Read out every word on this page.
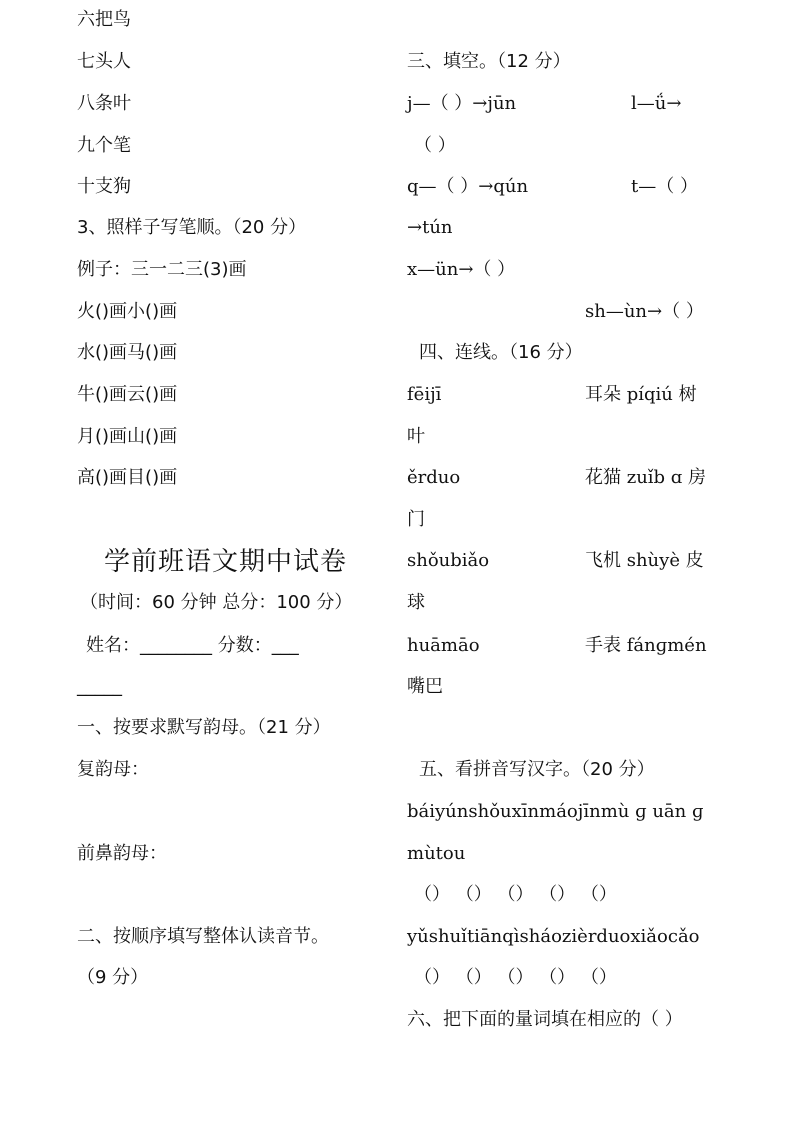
六把鸟
七头人
八条叶
九个笔
十支狗
3、照样子写笔顺。（20 分）
例子：三一二三(3)画
火()画小()画
水()画马()画
牛()画云()画
月()画山()画
高()画目()画
学前班语文期中试卷
（时间：60 分钟 总分：100 分）
姓名：________ 分数：___
_____
一、按要求默写韵母。（21 分）
复韵母：
前鼻韵母：
二、按顺序填写整体认读音节。
（9 分）
三、填空。（12 分）
j—（ ）→jūn	l—ǘ→
（ ）
q—（ ）→qún	t—（ ）
→tún
x—ün→（ ）
sh—ùn→（ ）
四、连线。（16 分）
fēijī	耳朵 píqiú 树
叶
ěrduo	花猫 zuǐb ɑ 房
门
shǒubiǎo	飞机 shùyè 皮
球
huāmāo	手表 fánɡmén
嘴巴
五、看拼音写汉字。（20 分）
báiyúnshǒuxīnmáojīnmù ɡ uān ɡ
mùtou
（） （） （） （） （）
yǔshuǐtiānqìsháozièrduoxiǎocǎo
（） （） （） （） （）
六、把下面的量词填在相应的（ ）
